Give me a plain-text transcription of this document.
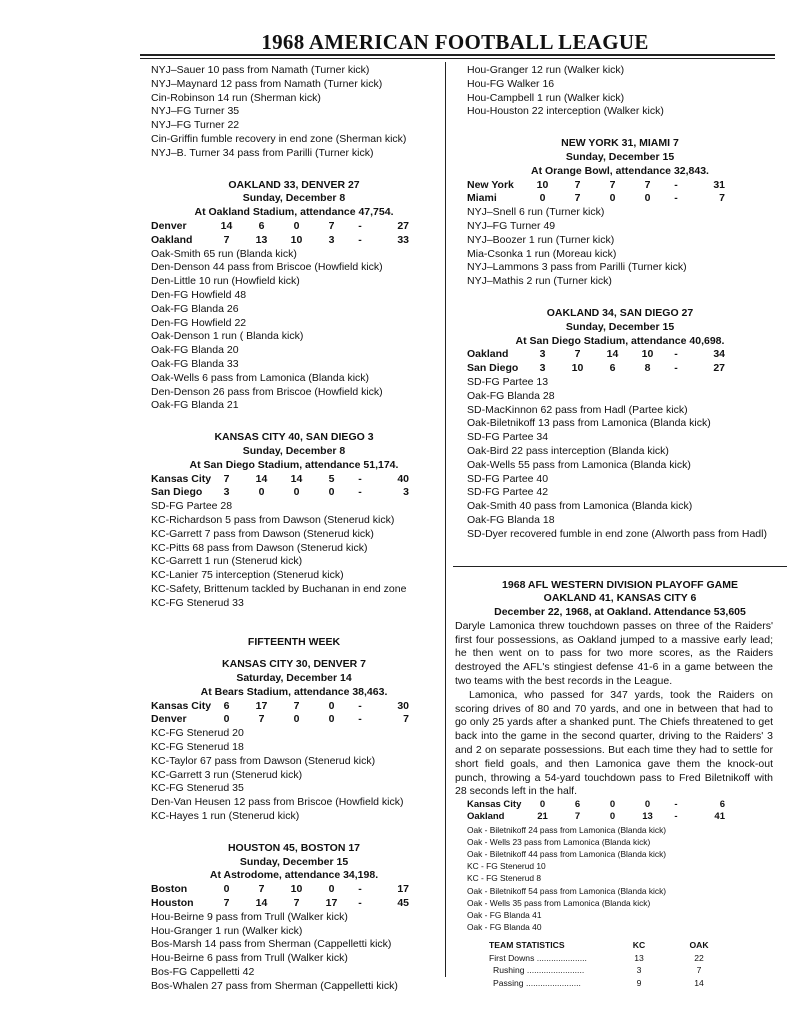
1968 AMERICAN FOOTBALL LEAGUE
NYJ–Sauer 10 pass from Namath (Turner kick)
NYJ–Maynard 12 pass from Namath (Turner kick)
Cin-Robinson 14 run (Sherman kick)
NYJ–FG Turner 35
NYJ–FG Turner 22
Cin-Griffin fumble recovery in end zone (Sherman kick)
NYJ–B. Turner 34 pass from Parilli (Turner kick)
OAKLAND 33, DENVER 27
Sunday, December 8
At Oakland Stadium, attendance 47,754.
Denver	14	6	0	7	-	27
Oakland	7	13	10	3	-	33
Oak-Smith 65 run (Blanda kick)
Den-Denson 44 pass from Briscoe (Howfield kick)
Den-Little 10 run (Howfield kick)
Den-FG Howfield 48
Oak-FG Blanda 26
Den-FG Howfield 22
Oak-Denson 1 run ( Blanda kick)
Oak-FG Blanda 20
Oak-FG Blanda 33
Oak-Wells 6 pass from Lamonica (Blanda kick)
Den-Denson 26 pass from Briscoe (Howfield kick)
Oak-FG Blanda 21
KANSAS CITY 40, SAN DIEGO 3
Sunday, December 8
At San Diego Stadium, attendance 51,174.
Kansas City	7	14	14	5	-	40
San Diego	3	0	0	0	-	3
SD-FG Partee 28
KC-Richardson 5 pass from Dawson (Stenerud kick)
KC-Garrett 7 pass from Dawson (Stenerud kick)
KC-Pitts 68 pass from Dawson (Stenerud kick)
KC-Garrett 1 run (Stenerud kick)
KC-Lanier 75 interception (Stenerud kick)
KC-Safety, Brittenum tackled by Buchanan in end zone
KC-FG Stenerud 33
FIFTEENTH WEEK
KANSAS CITY 30, DENVER 7
Saturday, December 14
At Bears Stadium, attendance 38,463.
Kansas City	6	17	7	0	-	30
Denver	0	7	0	0	-	7
KC-FG Stenerud 20
KC-FG Stenerud 18
KC-Taylor 67 pass from Dawson (Stenerud kick)
KC-Garrett 3 run (Stenerud kick)
KC-FG Stenerud 35
Den-Van Heusen 12 pass from Briscoe (Howfield kick)
KC-Hayes 1 run (Stenerud kick)
HOUSTON 45, BOSTON 17
Sunday, December 15
At Astrodome, attendance 34,198.
Boston	0	7	10	0	-	17
Houston	7	14	7	17	-	45
Hou-Beirne 9 pass from Trull (Walker kick)
Hou-Granger 1 run (Walker kick)
Bos-Marsh 14 pass from Sherman (Cappelletti kick)
Hou-Beirne 6 pass from Trull (Walker kick)
Bos-FG Cappelletti 42
Bos-Whalen 27 pass from Sherman (Cappelletti kick)
Hou-Granger 12 run (Walker kick)
Hou-FG Walker 16
Hou-Campbell 1 run (Walker kick)
Hou-Houston 22 interception (Walker kick)
NEW YORK 31, MIAMI 7
Sunday, December 15
At Orange Bowl, attendance 32,843.
New York	10	7	7	7	-	31
Miami	0	7	0	0	-	7
NYJ–Snell 6 run (Turner kick)
NYJ–FG Turner 49
NYJ–Boozer 1 run (Turner kick)
Mia-Csonka 1 run (Moreau kick)
NYJ–Lammons 3 pass from Parilli (Turner kick)
NYJ–Mathis 2 run (Turner kick)
OAKLAND 34, SAN DIEGO 27
Sunday, December 15
At San Diego Stadium, attendance 40,698.
Oakland	3	7	14	10	-	34
San Diego	3	10	6	8	-	27
SD-FG Partee 13
Oak-FG Blanda 28
SD-MacKinnon 62 pass from Hadl (Partee kick)
Oak-Biletnikoff 13 pass from Lamonica (Blanda kick)
SD-FG Partee 34
Oak-Bird 22 pass interception (Blanda kick)
Oak-Wells 55 pass from Lamonica (Blanda kick)
SD-FG Partee 40
SD-FG Partee 42
Oak-Smith 40 pass from Lamonica (Blanda kick)
Oak-FG Blanda 18
SD-Dyer recovered fumble in end zone (Alworth pass from Hadl)
1968 AFL WESTERN DIVISION PLAYOFF GAME
OAKLAND 41, KANSAS CITY 6
December 22, 1968, at Oakland. Attendance 53,605
Daryle Lamonica threw touchdown passes on three of the Raiders' first four possessions, as Oakland jumped to a massive early lead; he then went on to pass for two more scores, as the Raiders destroyed the AFL's stingiest defense 41-6 in a game between the two teams with the best records in the League.
Lamonica, who passed for 347 yards, took the Raiders on scoring drives of 80 and 70 yards, and one in between that had to go only 25 yards after a shanked punt. The Chiefs threatened to get back into the game in the second quarter, driving to the Raiders' 3 and 2 on separate possessions. But each time they had to settle for short field goals, and then Lamonica gave them the knock-out punch, throwing a 54-yard touchdown pass to Fred Biletnikoff with 28 seconds left in the half.
Kansas City	0	6	0	0	-	6
Oakland	21	7	0	13	-	41
Oak - Biletnikoff 24 pass from Lamonica (Blanda kick)
Oak - Wells 23 pass from Lamonica (Blanda kick)
Oak - Biletnikoff 44 pass from Lamonica (Blanda kick)
KC - FG Stenerud 10
KC - FG Stenerud 8
Oak - Biletnikoff 54 pass from Lamonica (Blanda kick)
Oak - Wells 35 pass from Lamonica (Blanda kick)
Oak - FG Blanda 41
Oak - FG Blanda 40
TEAM STATISTICS	KC	OAK
First Downs .....................	13	22
Rushing ........................	3	7
Passing .......................	9	14
